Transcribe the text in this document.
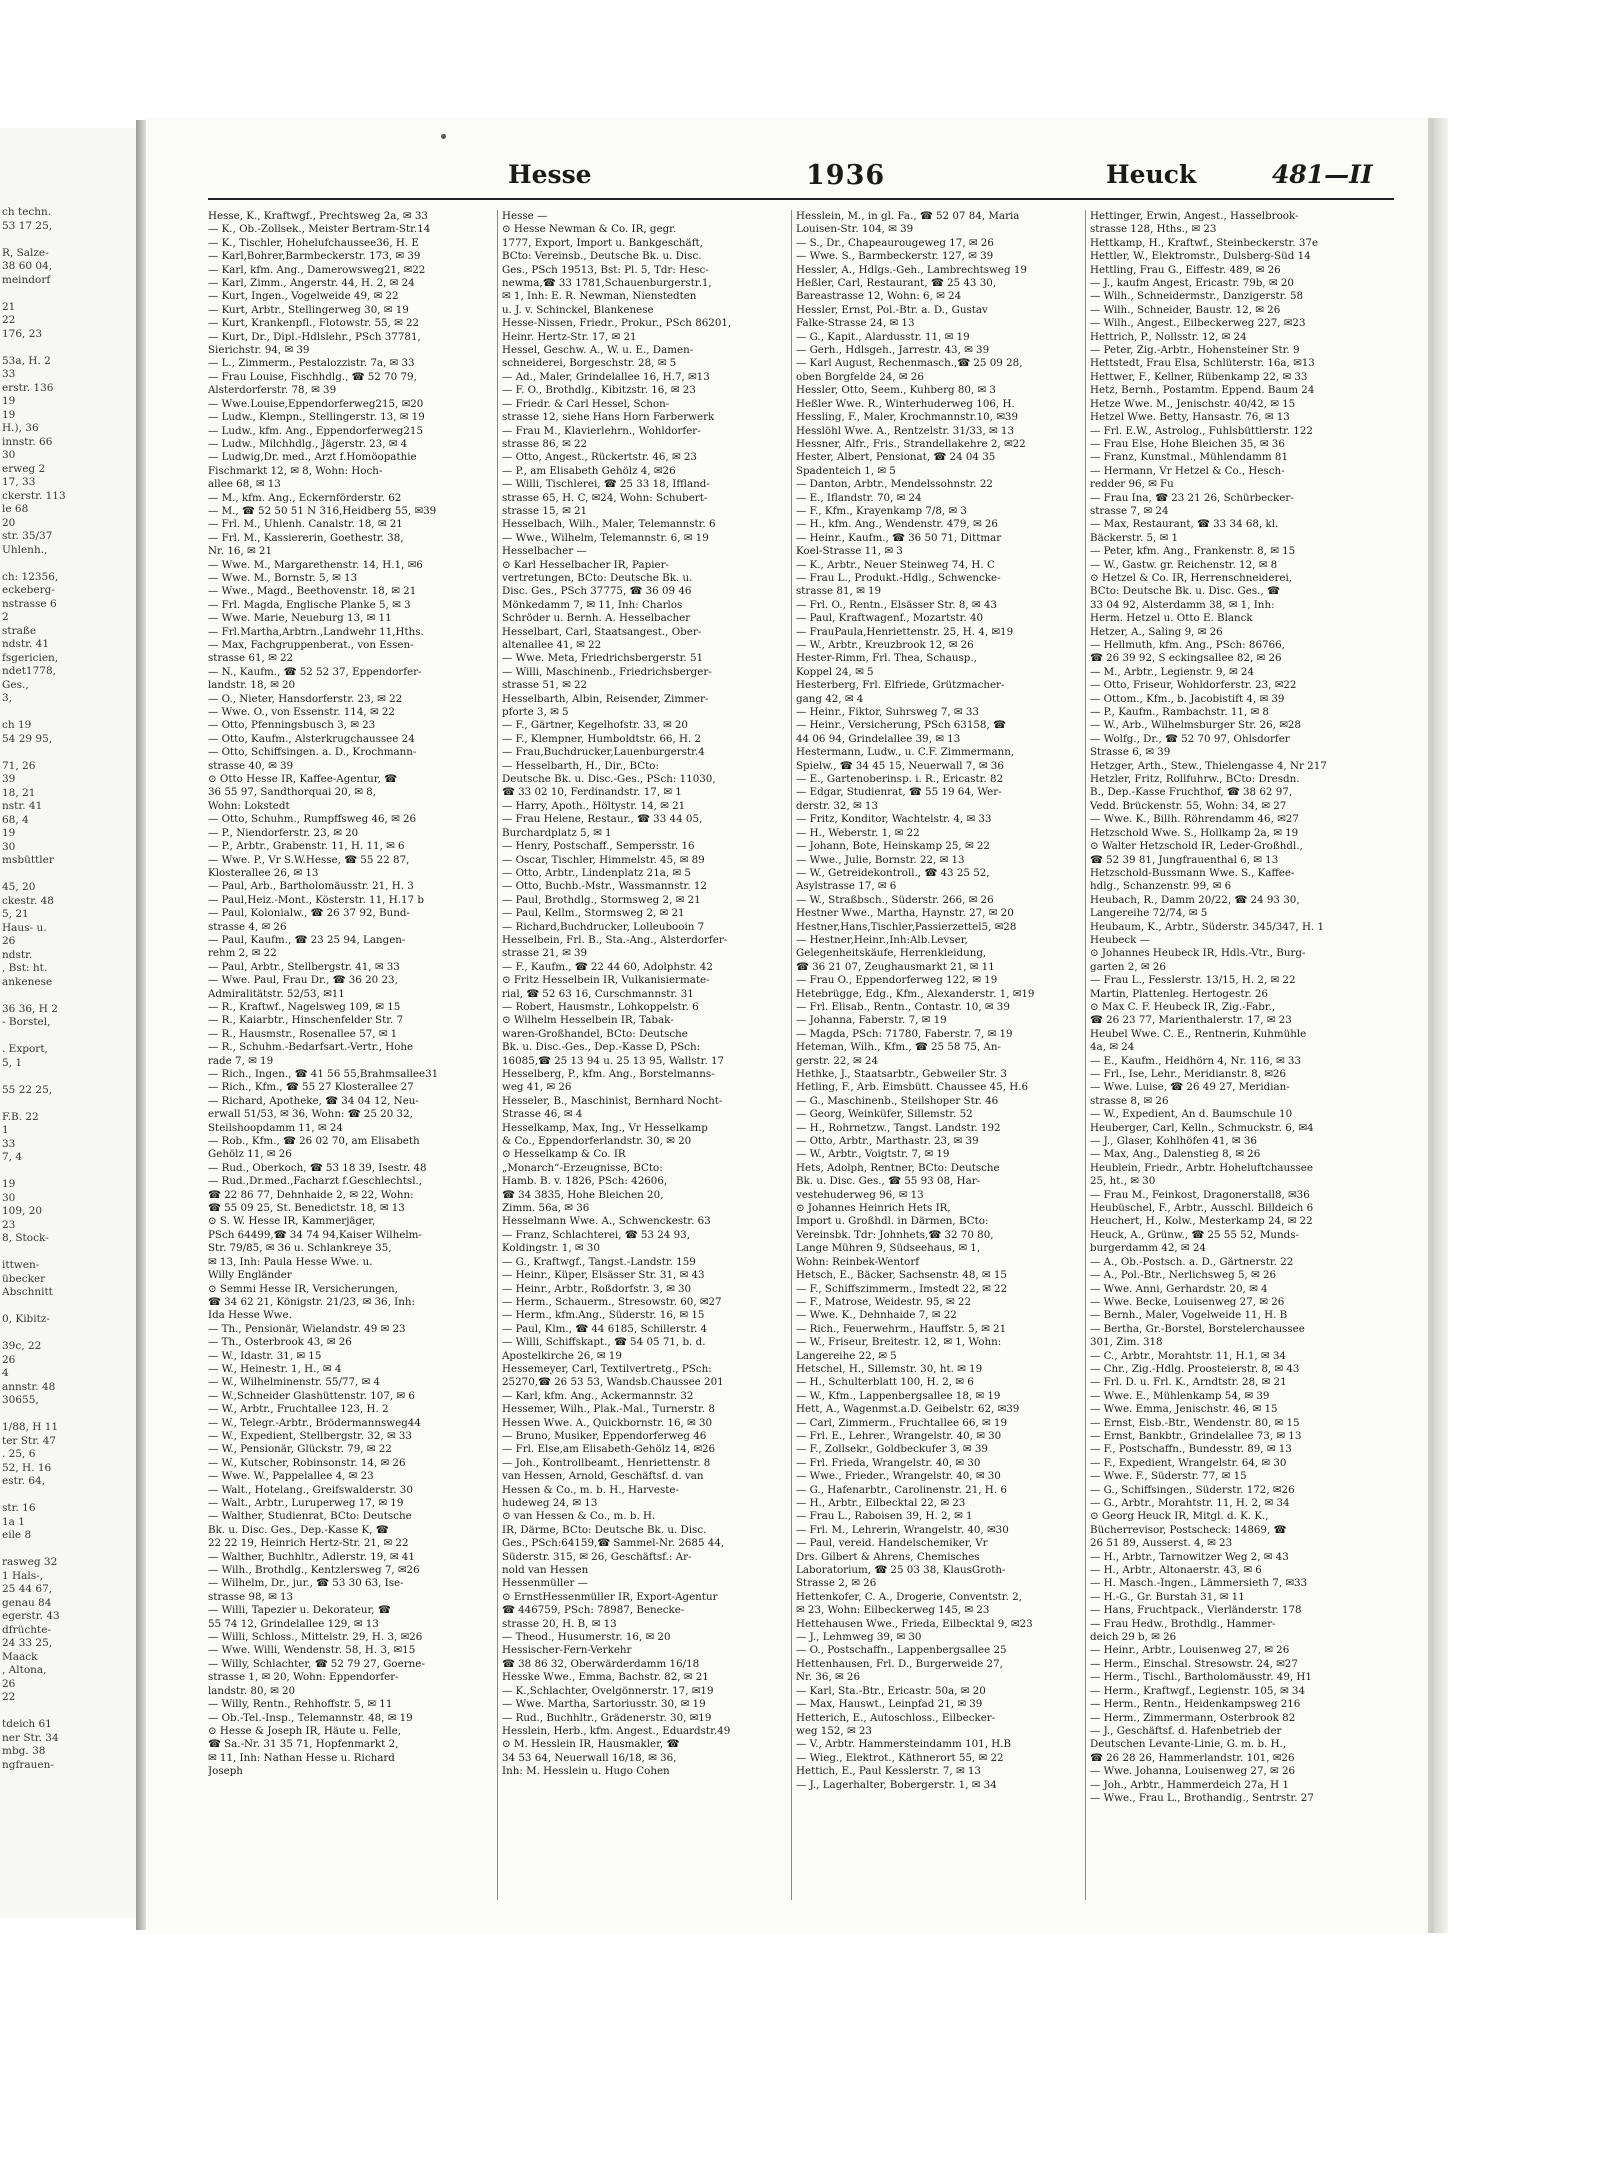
ch techn.
53 17 25,

R, Salze-
38 60 04,
meindorf

21
22
176, 23

53a, H. 2
33
erstr. 136
19
19
H.), 36
innstr. 66
30
erweg 2
17, 33
ckerstr. 113
le 68
20
str. 35/37
Uhlenh.,

ch: 12356,
eckeberg-
nstrasse 6
2
straße
ndstr. 41
fsgericien,
ndet1778,
Ges.,
3,

ch 19
54 29 95,

71, 26
39
18, 21
nstr. 41
68, 4
19
30
msbüttler

45, 20
ckestr. 48
5, 21
Haus- u.
26
ndstr.
, Bst: ht.
ankenese

36 36, H 2
- Borstel,

. Export,
5, 1

55 22 25,

F.B. 22
1
33
7, 4

19
30
109, 20
23
8, Stock-

ittwen-
übecker
Abschnitt

0, Kibitz-

39c, 22
26
4
annstr. 48
30655,

1/88, H 11
ter Str. 47
. 25, 6
52, H. 16
estr. 64,

str. 16
1a 1
eile 8

rasweg 32
1 Hals-,
25 44 67,
genau 84
egerstr. 43
dfrüchte-
24 33 25,
Maack
, Altona,
26
22

tdeich 61
ner Str. 34
mbg. 38
ngfrauen-
Hesse	1936	Heuck	481—II
Hesse, K., Kraftwgf., Prechtsweg 2a, ✉ 33
— K., Ob.-Zollsek., Meister Bertram-Str.14
— K., Tischler, Hohelufchaussee36, H. E
— Karl,Bohrer,Barmbeckerstr. 173, ✉ 39
— Karl, kfm. Ang., Damerowsweg21, ✉22
— Karl, Zimm., Angerstr. 44, H. 2, ✉ 24
— Kurt, Ingen., Vogelweide 49, ✉ 22
— Kurt, Arbtr., Stellingerweg 30, ✉ 19
— Kurt, Krankenpfl., Flotowstr. 55, ✉ 22
— Kurt, Dr., Dipl.-Hdlslehr., PSch 37781,
Sierichstr. 94, ✉ 39
— L., Zimmerm., Pestalozzistr. 7a, ✉ 33
— Frau Louise, Fischhdlg., ☎ 52 70 79,
Alsterdorferstr. 78, ✉ 39
— Wwe.Louise,Eppendorferweg215, ✉20
— Ludw., Klempn., Stellingerstr. 13, ✉ 19
— Ludw., kfm. Ang., Eppendorferweg215
— Ludw., Milchhdlg., Jägerstr. 23, ✉ 4
— Ludwig,Dr. med., Arzt f.Homöopathie
Fischmarkt 12, ✉ 8, Wohn: Hoch-
allee 68, ✉ 13
— M., kfm. Ang., Eckernförderstr. 62
— M., ☎ 52 50 51 N 316,Heidberg 55, ✉39
— Frl. M., Uhlenh. Canalstr. 18, ✉ 21
— Frl. M., Kassiererin, Goethestr. 38,
Nr. 16, ✉ 21
— Wwe. M., Margarethenstr. 14, H.1, ✉6
— Wwe. M., Bornstr. 5, ✉ 13
— Wwe., Magd., Beethovenstr. 18, ✉ 21
— Frl. Magda, Englische Planke 5, ✉ 3
— Wwe. Marie, Neueburg 13, ✉ 11
— Frl.Martha,Arbtrn.,Landwehr 11,Hths.
— Max, Fachgruppenberat., von Essen-
strasse 61, ✉ 22
— N., Kaufm., ☎ 52 52 37, Eppendorfer-
landstr. 18, ✉ 20
— O., Nieter, Hansdorferstr. 23, ✉ 22
— Wwe. O., von Essenstr. 114, ✉ 22
— Otto, Pfenningsbusch 3, ✉ 23
— Otto, Kaufm., Alsterkrugchaussee 24
— Otto, Schiffsingen. a. D., Krochmann-
strasse 40, ✉ 39
⊙ Otto Hesse IR, Kaffee-Agentur, ☎
36 55 97, Sandthorquai 20, ✉ 8,
Wohn: Lokstedt
— Otto, Schuhm., Rumpffsweg 46, ✉ 26
— P., Niendorferstr. 23, ✉ 20
— P., Arbtr., Grabenstr. 11, H. 11, ✉ 6
— Wwe. P., Vr S.W.Hesse, ☎ 55 22 87,
Klosterallee 26, ✉ 13
— Paul, Arb., Bartholomäusstr. 21, H. 3
— Paul,Heiz.-Mont., Kösterstr. 11, H.17 b
— Paul, Kolonialw., ☎ 26 37 92, Bund-
strasse 4, ✉ 26
— Paul, Kaufm., ☎ 23 25 94, Langen-
rehm 2, ✉ 22
— Paul, Arbtr., Stellbergstr. 41, ✉ 33
— Wwe. Paul, Frau Dr., ☎ 36 20 23,
Admiralitätstr. 52/53, ✉11
— R., Kraftwf., Nagelsweg 109, ✉ 15
— R., Kaiarbtr., Hinschenfelder Str. 7
— R., Hausmstr., Rosenallee 57, ✉ 1
— R., Schuhm.-Bedarfsart.-Vertr., Hohe
rade 7, ✉ 19
— Rich., Ingen., ☎ 41 56 55,Brahmsallee31
— Rich., Kfm., ☎ 55 27 Klosterallee 27
— Richard, Apotheke, ☎ 34 04 12, Neu-
erwall 51/53, ✉ 36, Wohn: ☎ 25 20 32,
Steilshoopdamm 11, ✉ 24
— Rob., Kfm., ☎ 26 02 70, am Elisabeth
Gehölz 11, ✉ 26
— Rud., Oberkoch, ☎ 53 18 39, Isestr. 48
— Rud.,Dr.med.,Facharzt f.Geschlechtsl.,
☎ 22 86 77, Dehnhaide 2, ✉ 22, Wohn:
☎ 55 09 25, St. Benedictstr. 18, ✉ 13
⊙ S. W. Hesse IR, Kammerjäger,
PSch 64499,☎ 34 74 94,Kaiser Wilhelm-
Str. 79/85, ✉ 36 u. Schlankreye 35,
✉ 13, Inh: Paula Hesse Wwe. u.
Willy Engländer
⊙ Semmi Hesse IR, Versicherungen,
☎ 34 62 21, Königstr. 21/23, ✉ 36, Inh:
Ida Hesse Wwe.
— Th., Pensionär, Wielandstr. 49 ✉ 23
— Th., Osterbrook 43, ✉ 26
— W., Idastr. 31, ✉ 15
— W., Heinestr. 1, H., ✉ 4
— W., Wilhelminenstr. 55/77, ✉ 4
— W.,Schneider Glashüttenstr. 107, ✉ 6
— W., Arbtr., Fruchtallee 123, H. 2
— W., Telegr.-Arbtr., Brödermannsweg44
— W., Expedient, Stellbergstr. 32, ✉ 33
— W., Pensionär, Glückstr. 79, ✉ 22
— W., Kutscher, Robinsonstr. 14, ✉ 26
— Wwe. W., Pappelallee 4, ✉ 23
— Walt., Hotelang., Greifswalderstr. 30
— Walt., Arbtr., Luruperweg 17, ✉ 19
— Walther, Studienrat, BCto: Deutsche
Bk. u. Disc. Ges., Dep.-Kasse K, ☎
22 22 19, Heinrich Hertz-Str. 21, ✉ 22
— Walther, Buchhltr., Adlerstr. 19, ✉ 41
— Wilh., Brothdlg., Kentzlersweg 7, ✉26
— Wilhelm, Dr., jur., ☎ 53 30 63, Ise-
strasse 98, ✉ 13
— Willi, Tapezier u. Dekorateur, ☎
55 74 12, Grindelallee 129, ✉ 13
— Willi, Schloss., Mittelstr. 29, H. 3, ✉26
— Wwe. Willi, Wendenstr. 58, H. 3, ✉15
— Willy, Schlachter, ☎ 52 79 27, Goerne-
strasse 1, ✉ 20, Wohn: Eppendorfer-
landstr. 80, ✉ 20
— Willy, Rentn., Rehhoffstr. 5, ✉ 11
— Ob.-Tel.-Insp., Telemannstr. 48, ✉ 19
⊙ Hesse & Joseph IR, Häute u. Felle,
☎ Sa.-Nr. 31 35 71, Hopfenmarkt 2,
✉ 11, Inh: Nathan Hesse u. Richard
Joseph
Hesse —
⊙ Hesse Newman & Co. IR, gegr.
1777, Export, Import u. Bankgeschäft,
BCto: Vereinsb., Deutsche Bk. u. Disc.
Ges., PSch 19513, Bst: Pl. 5, Tdr: Hesc-
newma,☎ 33 1781,Schauenburgerstr.1,
✉ 1, Inh: E. R. Newman, Nienstedten
u. J. v. Schinckel, Blankenese
Hesse-Nissen, Friedr., Prokur., PSch 86201,
Heinr. Hertz-Str. 17, ✉ 21
Hessel, Geschw. A., W. u. E., Damen-
schneiderei, Borgeschstr. 28, ✉ 5
— Ad., Maler, Grindelallee 16, H.7, ✉13
— F. O., Brothdlg., Kibitzstr. 16, ✉ 23
— Friedr. & Carl Hessel, Schon-
strasse 12, siehe Hans Horn Farberwerk
— Frau M., Klavierlehrn., Wohldorfer-
strasse 86, ✉ 22
— Otto, Angest., Rückertstr. 46, ✉ 23
— P., am Elisabeth Gehölz 4, ✉26
— Willi, Tischlerei, ☎ 25 33 18, Iffland-
strasse 65, H. C, ✉24, Wohn: Schubert-
strasse 15, ✉ 21
Hesselbach, Wilh., Maler, Telemannstr. 6
— Wwe., Wilhelm, Telemannstr. 6, ✉ 19
Hesselbacher —
⊙ Karl Hesselbacher IR, Papier-
vertretungen, BCto: Deutsche Bk. u.
Disc. Ges., PSch 37775, ☎ 36 09 46
Mönkedamm 7, ✉ 11, Inh: Charlos
Schröder u. Bernh. A. Hesselbacher
Hesselbart, Carl, Staatsangest., Ober-
altenallee 41, ✉ 22
— Wwe. Meta, Friedrichsbergerstr. 51
— Willi, Maschinenb., Friedrichsberger-
strasse 51, ✉ 22
Hesselbarth, Albin, Reisender, Zimmer-
pforte 3, ✉ 5
— F., Gärtner, Kegelhofstr. 33, ✉ 20
— F., Klempner, Humboldtstr. 66, H. 2
— Frau,Buchdrucker,Lauenburgerstr.4
— Hesselbarth, H., Dir., BCto:
Deutsche Bk. u. Disc.-Ges., PSch: 11030,
☎ 33 02 10, Ferdinandstr. 17, ✉ 1
— Harry, Apoth., Höltystr. 14, ✉ 21
— Frau Helene, Restaur., ☎ 33 44 05,
Burchardplatz 5, ✉ 1
— Henry, Postschaff., Sempersstr. 16
— Oscar, Tischler, Himmelstr. 45, ✉ 89
— Otto, Arbtr., Lindenplatz 21a, ✉ 5
— Otto, Buchb.-Mstr., Wassmannstr. 12
— Paul, Brothdlg., Stormsweg 2, ✉ 21
— Paul, Kellm., Stormsweg 2, ✉ 21
— Richard,Buchdrucker, Lolleubooin 7
Hesselbein, Frl. B., Sta.-Ang., Alsterdorfer-
strasse 21, ✉ 39
— F., Kaufm., ☎ 22 44 60, Adolphstr. 42
⊙ Fritz Hesselbein IR, Vulkanisiermate-
rial, ☎ 52 63 16, Curschmannstr. 31
— Robert, Hausmstr., Lohkoppelstr. 6
⊙ Wilhelm Hesselbein IR, Tabak-
waren-Großhandel, BCto: Deutsche
Bk. u. Disc.-Ges., Dep.-Kasse D, PSch:
16085,☎ 25 13 94 u. 25 13 95, Wallstr. 17
Hesselberg, P., kfm. Ang., Borstelmanns-
weg 41, ✉ 26
Hesseler, B., Maschinist, Bernhard Nocht-
Strasse 46, ✉ 4
Hesselkamp, Max, Ing., Vr Hesselkamp
& Co., Eppendorferlandstr. 30, ✉ 20
⊙ Hesselkamp & Co. IR
„Monarch“-Erzeugnisse, BCto:
Hamb. B. v. 1826, PSch: 42606,
☎ 34 3835, Hohe Bleichen 20,
Zimm. 56a, ✉ 36
Hesselmann Wwe. A., Schwenckestr. 63
— Franz, Schlachterei, ☎ 53 24 93,
Koldingstr. 1, ✉ 30
— G., Kraftwgf., Tangst.-Landstr. 159
— Heinr., Küper, Elsässer Str. 31, ✉ 43
— Heinr., Arbtr., Roßdorfstr. 3, ✉ 30
— Herm., Schauerm., Stresowstr. 60, ✉27
— Herm., kfm.Ang., Süderstr. 16, ✉ 15
— Paul, Klm., ☎ 44 6185, Schillerstr. 4
— Willi, Schiffskapt., ☎ 54 05 71, b. d.
Apostelkirche 26, ✉ 19
Hessemeyer, Carl, Textilvertretg., PSch:
25270,☎ 26 53 53, Wandsb.Chaussee 201
— Karl, kfm. Ang., Ackermannstr. 32
Hessemer, Wilh., Plak.-Mal., Turnerstr. 8
Hessen Wwe. A., Quickbornstr. 16, ✉ 30
— Bruno, Musiker, Eppendorferweg 46
— Frl. Else,am Elisabeth-Gehölz 14, ✉26
— Joh., Kontrollbeamt., Henriettenstr. 8
van Hessen, Arnold, Geschäftsf. d. van
Hessen & Co., m. b. H., Harveste-
hudeweg 24, ✉ 13
⊙ van Hessen & Co., m. b. H.
IR, Därme, BCto: Deutsche Bk. u. Disc.
Ges., PSch:64159,☎ Sammel-Nr. 2685 44,
Süderstr. 315, ✉ 26, Geschäftsf.: Ar-
nold van Hessen
Hessenmüller —
⊙ ErnstHessenmüller IR, Export-Agentur
☎ 446759, PSch: 78987, Benecke-
strasse 20, H. B, ✉ 13
— Theod., Husumerstr. 16, ✉ 20
Hessischer-Fern-Verkehr
☎ 38 86 32, Oberwärderdamm 16/18
Hesske Wwe., Emma, Bachstr. 82, ✉ 21
— K.,Schlachter, Ovelgönnerstr. 17, ✉19
— Wwe. Martha, Sartoriusstr. 30, ✉ 19
— Rud., Buchhltr., Grädenerstr. 30, ✉19
Hesslein, Herb., kfm. Angest., Eduardstr.49
⊙ M. Hesslein IR, Hausmakler, ☎
34 53 64, Neuerwall 16/18, ✉ 36,
Inh: M. Hesslein u. Hugo Cohen
Hesslein, M., in gl. Fa., ☎ 52 07 84, Maria
Louisen-Str. 104, ✉ 39
— S., Dr., Chapeaurougeweg 17, ✉ 26
— Wwe. S., Barmbeckerstr. 127, ✉ 39
Hessler, A., Hdlgs.-Geh., Lambrechtsweg 19
Heßler, Carl, Restaurant, ☎ 25 43 30,
Bareastrasse 12, Wohn: 6, ✉ 24
Hessler, Ernst, Pol.-Btr. a. D., Gustav
Falke-Strasse 24, ✉ 13
— G., Kapit., Alardusstr. 11, ✉ 19
— Gerh., Hdlsgeh., Jarrestr. 43, ✉ 39
— Karl August, Rechenmasch.,☎ 25 09 28,
oben Borgfelde 24, ✉ 26
Hessler, Otto, Seem., Kuhberg 80, ✉ 3
Heßler Wwe. R., Winterhuderweg 106, H.
Hessling, F., Maler, Krochmannstr.10, ✉39
Hesslöhl Wwe. A., Rentzelstr. 31/33, ✉ 13
Hessner, Alfr., Fris., Strandellakehre 2, ✉22
Hester, Albert, Pensionat, ☎ 24 04 35
Spadenteich 1, ✉ 5
— Danton, Arbtr., Mendelssohnstr. 22
— E., Iflandstr. 70, ✉ 24
— F., Kfm., Krayenkamp 7/8, ✉ 3
— H., kfm. Ang., Wendenstr. 479, ✉ 26
— Heinr., Kaufm., ☎ 36 50 71, Dittmar
Koel-Strasse 11, ✉ 3
— K., Arbtr., Neuer Steinweg 74, H. C
— Frau L., Produkt.-Hdlg., Schwencke-
strasse 81, ✉ 19
— Frl. O., Rentn., Elsässer Str. 8, ✉ 43
— Paul, Kraftwagenf., Mozartstr. 40
— FrauPaula,Henriettenstr. 25, H. 4, ✉19
— W., Arbtr., Kreuzbrook 12, ✉ 26
Hester-Rimm, Frl. Thea, Schausp.,
Koppel 24, ✉ 5
Hesterberg, Frl. Elfriede, Grützmacher-
gang 42, ✉ 4
— Heinr., Fiktor, Suhrsweg 7, ✉ 33
— Heinr., Versicherung, PSch 63158, ☎
44 06 94, Grindelallee 39, ✉ 13
Hestermann, Ludw., u. C.F. Zimmermann,
Spielw., ☎ 34 45 15, Neuerwall 7, ✉ 36
— E., Gartenoberinsp. i. R., Ericastr. 82
— Edgar, Studienrat, ☎ 55 19 64, Wer-
derstr. 32, ✉ 13
— Fritz, Konditor, Wachtelstr. 4, ✉ 33
— H., Weberstr. 1, ✉ 22
— Johann, Bote, Heinskamp 25, ✉ 22
— Wwe., Julie, Bornstr. 22, ✉ 13
— W., Getreidekontroll., ☎ 43 25 52,
Asylstrasse 17, ✉ 6
— W., Straßbsch., Süderstr. 266, ✉ 26
Hestner Wwe., Martha, Haynstr. 27, ✉ 20
Hestner,Hans,Tischler,Passierzettel5, ✉28
— Hestner,Heinr.,Inh:Alb.Levser,
Gelegenheitskäufe, Herrenkleidung,
☎ 36 21 07, Zeughausmarkt 21, ✉ 11
— Frau O., Eppendorferweg 122, ✉ 19
Hetebrügge, Edg., Kfm., Alexanderstr. 1, ✉19
— Frl. Elisab., Rentn., Contastr. 10, ✉ 39
— Johanna, Faberstr. 7, ✉ 19
— Magda, PSch: 71780, Faberstr. 7, ✉ 19
Heteman, Wilh., Kfm., ☎ 25 58 75, An-
gerstr. 22, ✉ 24
Hethke, J., Staatsarbtr., Gebweiler Str. 3
Hetling, F., Arb. Eimsbütt. Chaussee 45, H.6
— G., Maschinenb., Steilshoper Str. 46
— Georg, Weinküfer, Sillemstr. 52
— H., Rohrnetzw., Tangst. Landstr. 192
— Otto, Arbtr., Marthastr. 23, ✉ 39
— W., Arbtr., Voigtstr. 7, ✉ 19
Hets, Adolph, Rentner, BCto: Deutsche
Bk. u. Disc. Ges., ☎ 55 93 08, Har-
vestehuderweg 96, ✉ 13
⊙ Johannes Heinrich Hets IR,
Import u. Großhdl. in Därmen, BCto:
Vereinsbk. Tdr: Johnhets,☎ 32 70 80,
Lange Mühren 9, Südseehaus, ✉ 1,
Wohn: Reinbek-Wentorf
Hetsch, E., Bäcker, Sachsenstr. 48, ✉ 15
— F., Schiffszimmerm., Imstedt 22, ✉ 22
— F., Matrose, Weidestr. 95, ✉ 22
— Wwe. K., Dehnhaide 7, ✉ 22
— Rich., Feuerwehrm., Hauffstr. 5, ✉ 21
— W., Friseur, Breitestr. 12, ✉ 1, Wohn:
Langereihe 22, ✉ 5
Hetschel, H., Sillemstr. 30, ht. ✉ 19
— H., Schulterblatt 100, H. 2, ✉ 6
— W., Kfm., Lappenbergsallee 18, ✉ 19
Hett, A., Wagenmst.a.D. Geibelstr. 62, ✉39
— Carl, Zimmerm., Fruchtallee 66, ✉ 19
— Frl. E., Lehrer., Wrangelstr. 40, ✉ 30
— F., Zollsekr., Goldbeckufer 3, ✉ 39
— Frl. Frieda, Wrangelstr. 40, ✉ 30
— Wwe., Frieder., Wrangelstr. 40, ✉ 30
— G., Hafenarbtr., Carolinenstr. 21, H. 6
— H., Arbtr., Eilbecktal 22, ✉ 23
— Frau L., Raboisen 39, H. 2, ✉ 1
— Frl. M., Lehrerin, Wrangelstr. 40, ✉30
— Paul, vereid. Handelschemiker, Vr
Drs. Gilbert & Ahrens, Chemisches
Laboratorium, ☎ 25 03 38, KlausGroth-
Strasse 2, ✉ 26
Hettenkofer, C. A., Drogerie, Conventstr. 2,
✉ 23, Wohn: Eilbeckerweg 145, ✉ 23
Hettehausen Wwe., Frieda, Eilbecktal 9, ✉23
— J., Lehmweg 39, ✉ 30
— O., Postschaffn., Lappenbergsallee 25
Hettenhausen, Frl. D., Burgerweide 27,
Nr. 36, ✉ 26
— Karl, Sta.-Btr., Ericastr. 50a, ✉ 20
— Max, Hauswt., Leinpfad 21, ✉ 39
Hetterich, E., Autoschloss., Eilbecker-
weg 152, ✉ 23
— V., Arbtr. Hammersteindamm 101, H.B
— Wieg., Elektrot., Käthnerort 55, ✉ 22
Hettich, E., Paul Kesslerstr. 7, ✉ 13
— J., Lagerhalter, Bobergerstr. 1, ✉ 34
Hettinger, Erwin, Angest., Hasselbrook-
strasse 128, Hths., ✉ 23
Hettkamp, H., Kraftwf., Steinbeckerstr. 37e
Hettler, W., Elektromstr., Dulsberg-Süd 14
Hettling, Frau G., Eiffestr. 489, ✉ 26
— J., kaufm Angest, Ericastr. 79b, ✉ 20
— Wilh., Schneidermstr., Danzigerstr. 58
— Wilh., Schneider, Baustr. 12, ✉ 26
— Wilh., Angest., Eilbeckerweg 227, ✉23
Hettrich, P., Nollsstr. 12, ✉ 24
— Peter, Zig.-Arbtr., Hohensteiner Str. 9
Hettstedt, Frau Elsa, Schlüterstr. 16a, ✉13
Hettwer, F., Kellner, Rübenkamp 22, ✉ 33
Hetz, Bernh., Postamtm. Eppend. Baum 24
Hetze Wwe. M., Jenischstr. 40/42, ✉ 15
Hetzel Wwe. Betty, Hansastr. 76, ✉ 13
— Frl. E.W., Astrolog., Fuhlsbüttlerstr. 122
— Frau Else, Hohe Bleichen 35, ✉ 36
— Franz, Kunstmal., Mühlendamm 81
— Hermann, Vr Hetzel & Co., Hesch-
redder 96, ✉ Fu
— Frau Ina, ☎ 23 21 26, Schürbecker-
strasse 7, ✉ 24
— Max, Restaurant, ☎ 33 34 68, kl.
Bäckerstr. 5, ✉ 1
— Peter, kfm. Ang., Frankenstr. 8, ✉ 15
— W., Gastw. gr. Reichenstr. 12, ✉ 8
⊙ Hetzel & Co. IR, Herrenschneiderei,
BCto: Deutsche Bk. u. Disc. Ges., ☎
33 04 92, Alsterdamm 38, ✉ 1, Inh:
Herm. Hetzel u. Otto E. Blanck
Hetzer, A., Saling 9, ✉ 26
— Hellmuth, kfm. Ang., PSch: 86766,
☎ 26 39 92, S eckingsallee 82, ✉ 26
— M., Arbtr., Legienstr. 9, ✉ 24
— Otto, Friseur, Wohldorferstr. 23, ✉22
— Ottom., Kfm., b. Jacobistift 4, ✉ 39
— P., Kaufm., Rambachstr. 11, ✉ 8
— W., Arb., Wilhelmsburger Str. 26, ✉28
— Wolfg., Dr., ☎ 52 70 97, Ohlsdorfer
Strasse 6, ✉ 39
Hetzger, Arth., Stew., Thielengasse 4, Nr 217
Hetzler, Fritz, Rollfuhrw., BCto: Dresdn.
B., Dep.-Kasse Fruchthof, ☎ 38 62 97,
Vedd. Brückenstr. 55, Wohn: 34, ✉ 27
— Wwe. K., Billh. Röhrendamm 46, ✉27
Hetzschold Wwe. S., Hollkamp 2a, ✉ 19
⊙ Walter Hetzschold IR, Leder-Großhdl.,
☎ 52 39 81, Jungfrauenthal 6, ✉ 13
Hetzschold-Bussmann Wwe. S., Kaffee-
hdlg., Schanzenstr. 99, ✉ 6
Heubach, R., Damm 20/22, ☎ 24 93 30,
Langereihe 72/74, ✉ 5
Heubaum, K., Arbtr., Süderstr. 345/347, H. 1
Heubeck —
⊙ Johannes Heubeck IR, Hdls.-Vtr., Burg-
garten 2, ✉ 26
— Frau L., Fesslerstr. 13/15, H. 2, ✉ 22
Martin, Plattenleg. Hertogestr. 26
⊙ Max C. F. Heubeck IR, Zig.-Fabr.,
☎ 26 23 77, Marienthalerstr. 17, ✉ 23
Heubel Wwe. C. E., Rentnerin, Kuhmühle
4a, ✉ 24
— E., Kaufm., Heidhörn 4, Nr. 116, ✉ 33
— Frl., Ise, Lehr., Meridianstr. 8, ✉26
— Wwe. Luise, ☎ 26 49 27, Meridian-
strasse 8, ✉ 26
— W., Expedient, An d. Baumschule 10
Heuberger, Carl, Kelln., Schmuckstr. 6, ✉4
— J., Glaser, Kohlhöfen 41, ✉ 36
— Max, Ang., Dalenstieg 8, ✉ 26
Heublein, Friedr., Arbtr. Hoheluftchaussee
25, ht., ✉ 30
— Frau M., Feinkost, Dragonerstall8, ✉36
Heubüschel, F., Arbtr., Ausschl. Billdeich 6
Heuchert, H., Kolw., Mesterkamp 24, ✉ 22
Heuck, A., Grünw., ☎ 25 55 52, Munds-
burgerdamm 42, ✉ 24
— A., Ob.-Postsch. a. D., Gärtnerstr. 22
— A., Pol.-Btr., Nerlichsweg 5, ✉ 26
— Wwe. Anni, Gerhardstr. 20, ✉ 4
— Wwe. Becke, Louisenweg 27, ✉ 26
— Bernh., Maler, Vogelweide 11, H. B
— Bertha, Gr.-Borstel, Borstelerchaussee
301, Zim. 318
— C., Arbtr., Morahtstr. 11, H.1, ✉ 34
— Chr., Zig.-Hdlg. Proosteierstr. 8, ✉ 43
— Frl. D. u. Frl. K., Arndtstr. 28, ✉ 21
— Wwe. E., Mühlenkamp 54, ✉ 39
— Wwe. Emma, Jenischstr. 46, ✉ 15
— Ernst, Eisb.-Btr., Wendenstr. 80, ✉ 15
— Ernst, Bankbtr., Grindelallee 73, ✉ 13
— F., Postschaffn., Bundesstr. 89, ✉ 13
— F., Expedient, Wrangelstr. 64, ✉ 30
— Wwe. F., Süderstr. 77, ✉ 15
— G., Schiffsingen., Süderstr. 172, ✉26
— G., Arbtr., Morahtstr. 11, H. 2, ✉ 34
⊙ Georg Heuck IR, Mitgl. d. K. K.,
Bücherrevisor, Postscheck: 14869, ☎
26 51 89, Ausserst. 4, ✉ 23
— H., Arbtr., Tarnowitzer Weg 2, ✉ 43
— H., Arbtr., Altonaerstr. 43, ✉ 6
— H. Masch.-Ingen., Lämmersieth 7, ✉33
— H.-G., Gr. Burstah 31, ✉ 11
— Hans, Fruchtpack., Vierländerstr. 178
— Frau Hedw., Brothdlg., Hammer-
deich 29 b, ✉ 26
— Heinr., Arbtr., Louisenweg 27, ✉ 26
— Herm., Einschal. Stresowstr. 24, ✉27
— Herm., Tischl., Bartholomäusstr. 49, H1
— Herm., Kraftwgf., Legienstr. 105, ✉ 34
— Herm., Rentn., Heidenkampsweg 216
— Herm., Zimmermann, Osterbrook 82
— J., Geschäftsf. d. Hafenbetrieb der
Deutschen Levante-Linie, G. m. b. H.,
☎ 26 28 26, Hammerlandstr. 101, ✉26
— Wwe. Johanna, Louisenweg 27, ✉ 26
— Joh., Arbtr., Hammerdeich 27a, H 1
— Wwe., Frau L., Brothandig., Sentrstr. 27
